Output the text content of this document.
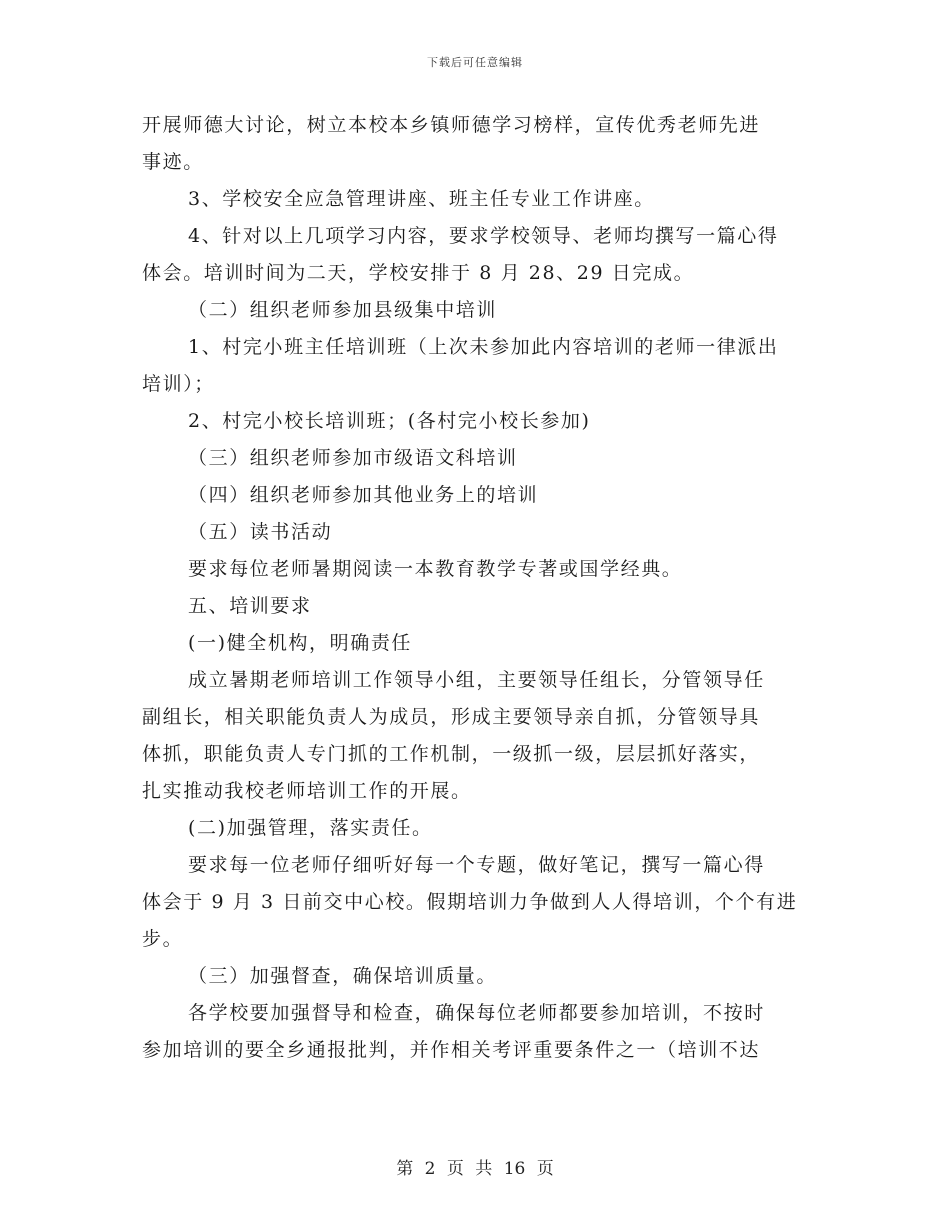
下载后可任意编辑
开展师德大讨论，树立本校本乡镇师德学习榜样，宣传优秀老师先进
事迹。
3、学校安全应急管理讲座、班主任专业工作讲座。
4、针对以上几项学习内容，要求学校领导、老师均撰写一篇心得
体会。培训时间为二天，学校安排于 8 月 28、29 日完成。
（二）组织老师参加县级集中培训
1、村完小班主任培训班（上次未参加此内容培训的老师一律派出
培训）；
2、村完小校长培训班；(各村完小校长参加)
（三）组织老师参加市级语文科培训
（四）组织老师参加其他业务上的培训
（五）读书活动
要求每位老师暑期阅读一本教育教学专著或国学经典。
五、培训要求
(一)健全机构，明确责任
成立暑期老师培训工作领导小组，主要领导任组长，分管领导任
副组长，相关职能负责人为成员，形成主要领导亲自抓，分管领导具
体抓，职能负责人专门抓的工作机制，一级抓一级，层层抓好落实，
扎实推动我校老师培训工作的开展。
(二)加强管理，落实责任。
要求每一位老师仔细听好每一个专题，做好笔记，撰写一篇心得
体会于 9 月 3 日前交中心校。假期培训力争做到人人得培训，个个有进
步。
（三）加强督查，确保培训质量。
各学校要加强督导和检查，确保每位老师都要参加培训，不按时
参加培训的要全乡通报批判，并作相关考评重要条件之一（培训不达
第 2 页 共 16 页
